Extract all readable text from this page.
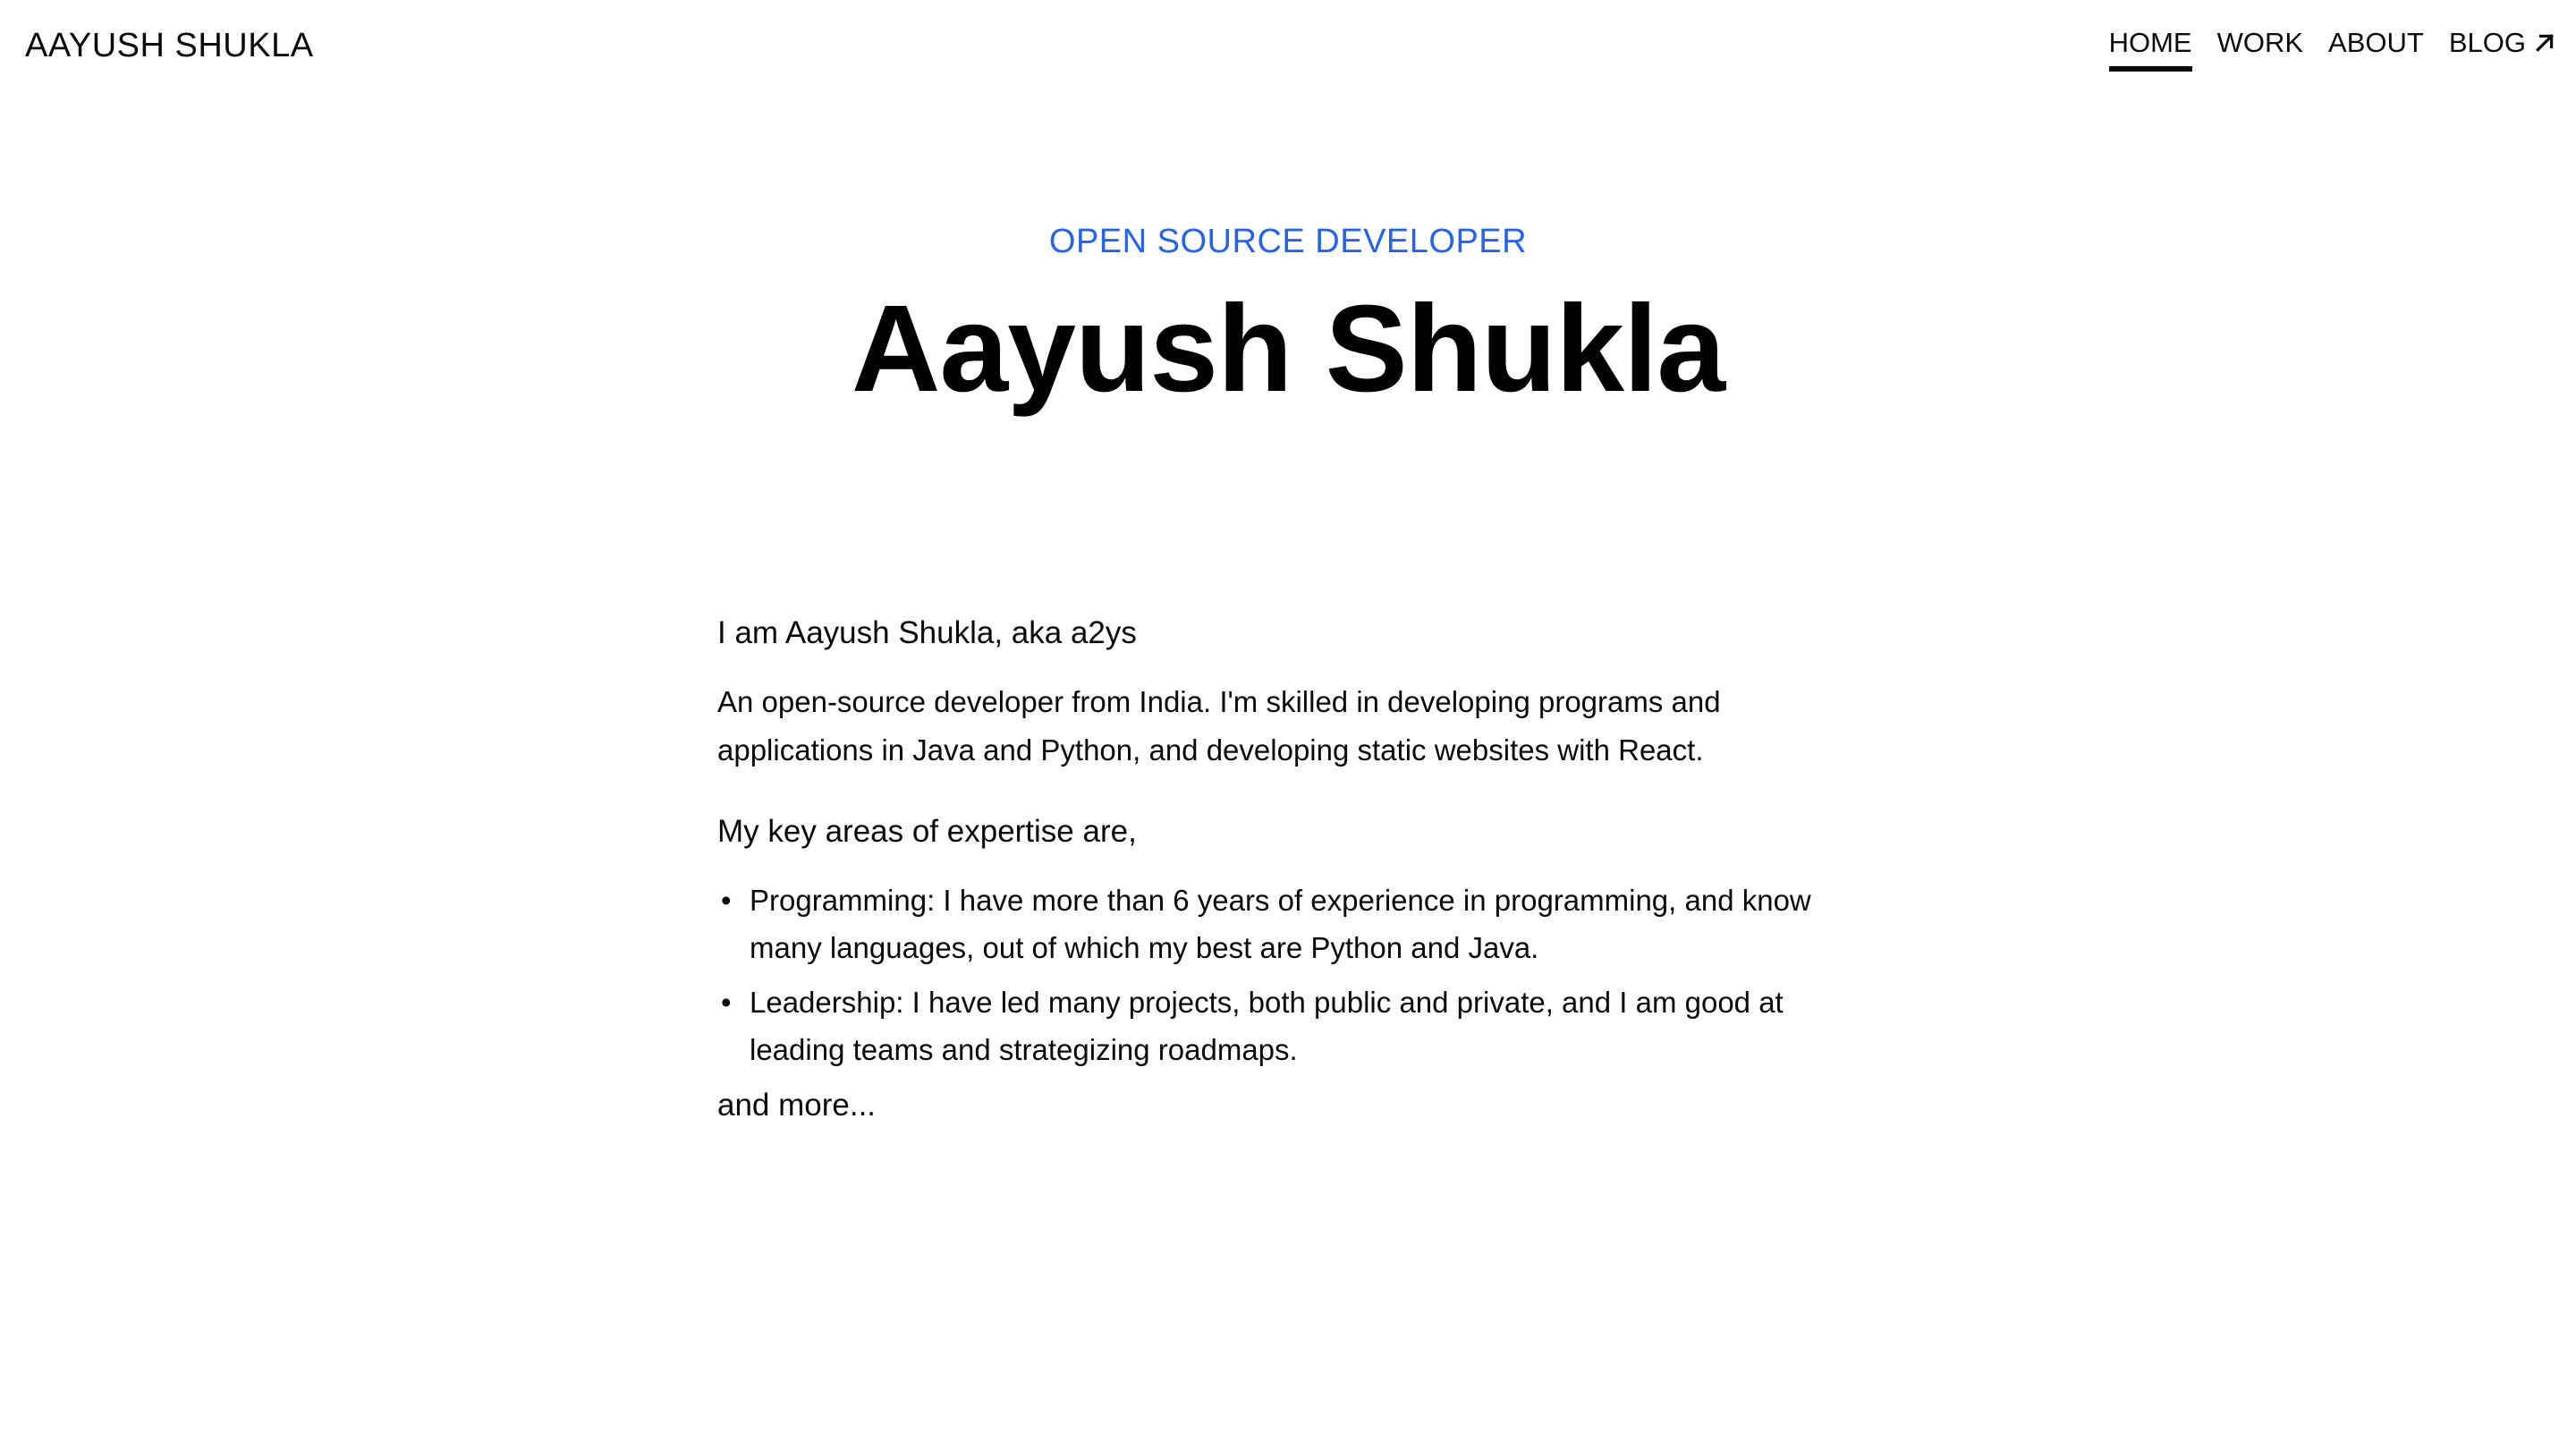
AAYUSH SHUKLA	HOME WORK ABOUT BLOG

OPEN SOURCE DEVELOPER

Aayush Shukla

I am Aayush Shukla, aka a2ys

An open-source developer from India. I'm skilled in developing programs and applications in Java and Python, and developing static websites with React.

My key areas of expertise are,

• Programming: I have more than 6 years of experience in programming, and know many languages, out of which my best are Python and Java.
• Leadership: I have led many projects, both public and private, and I am good at leading teams and strategizing roadmaps.

and more...
